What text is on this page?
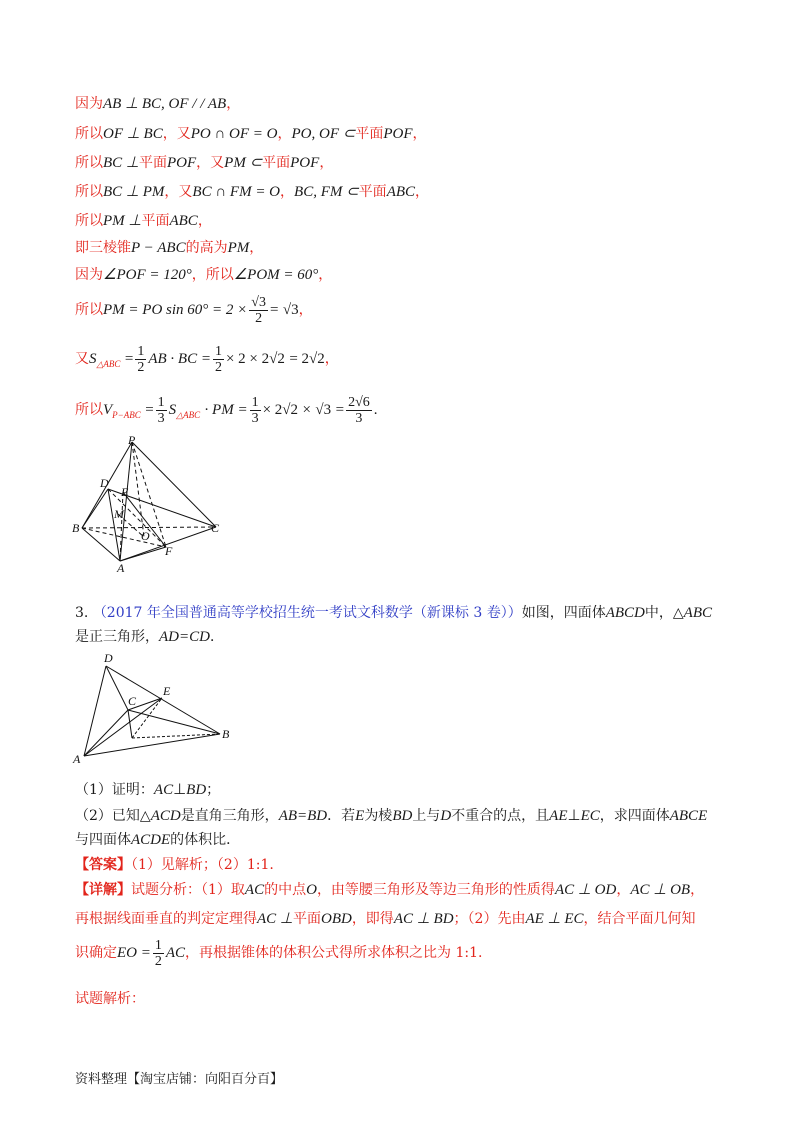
因为AB ⊥ BC, OF / / AB，
所以OF ⊥ BC，又PO ∩ OF = O，PO, OF ⊂平面POF，
所以BC ⊥平面POF，又PM ⊂平面POF，
所以BC ⊥ PM，又BC ∩ FM = O，BC, FM ⊂平面ABC，
所以PM ⊥平面ABC，
即三棱锥P − ABC的高为PM，
因为∠POF = 120°，所以∠POM = 60°，
所以PM = PO $\sin 60^\circ = 2 \times \frac{√3}{2} = √3$，
又$S_{\triangle ABC} = \frac{1}{2}$ AB · BC = $\frac{1}{2} \times 2 \times 2√2 = 2√2$，
所以$V_{P-ABC} = \frac{1}{3} S_{\triangle ABC}$ · PM = $\frac{1}{3} \times 2√2 \times √3 = \frac{2√6}{3}$ .
P
D
E
M
B
O
C
F
A
3. （2017 年全国普通高等学校招生统一考试文科数学（新课标 3 卷））如图，四面体ABCD中，△ABC
是正三角形，AD=CD．
D
E
C
B
A
（1）证明：AC⊥BD；
（2）已知△ACD是直角三角形，AB=BD．若E为棱BD上与D不重合的点，且AE⊥EC，求四面体ABCE
与四面体ACDE的体积比．
【答案】（1）见解析；（2）1:1.
【详解】试题分析：（1）取AC的中点O，由等腰三角形及等边三角形的性质得AC ⊥ OD，AC ⊥ OB，
再根据线面垂直的判定定理得AC ⊥平面OBD，即得AC ⊥ BD；（2）先由AE ⊥ EC，结合平面几何知
识确定EO = $\frac{1}{2}$ AC，再根据锥体的体积公式得所求体积之比为 1:1.
试题解析：
资料整理【淘宝店铺：向阳百分百】
